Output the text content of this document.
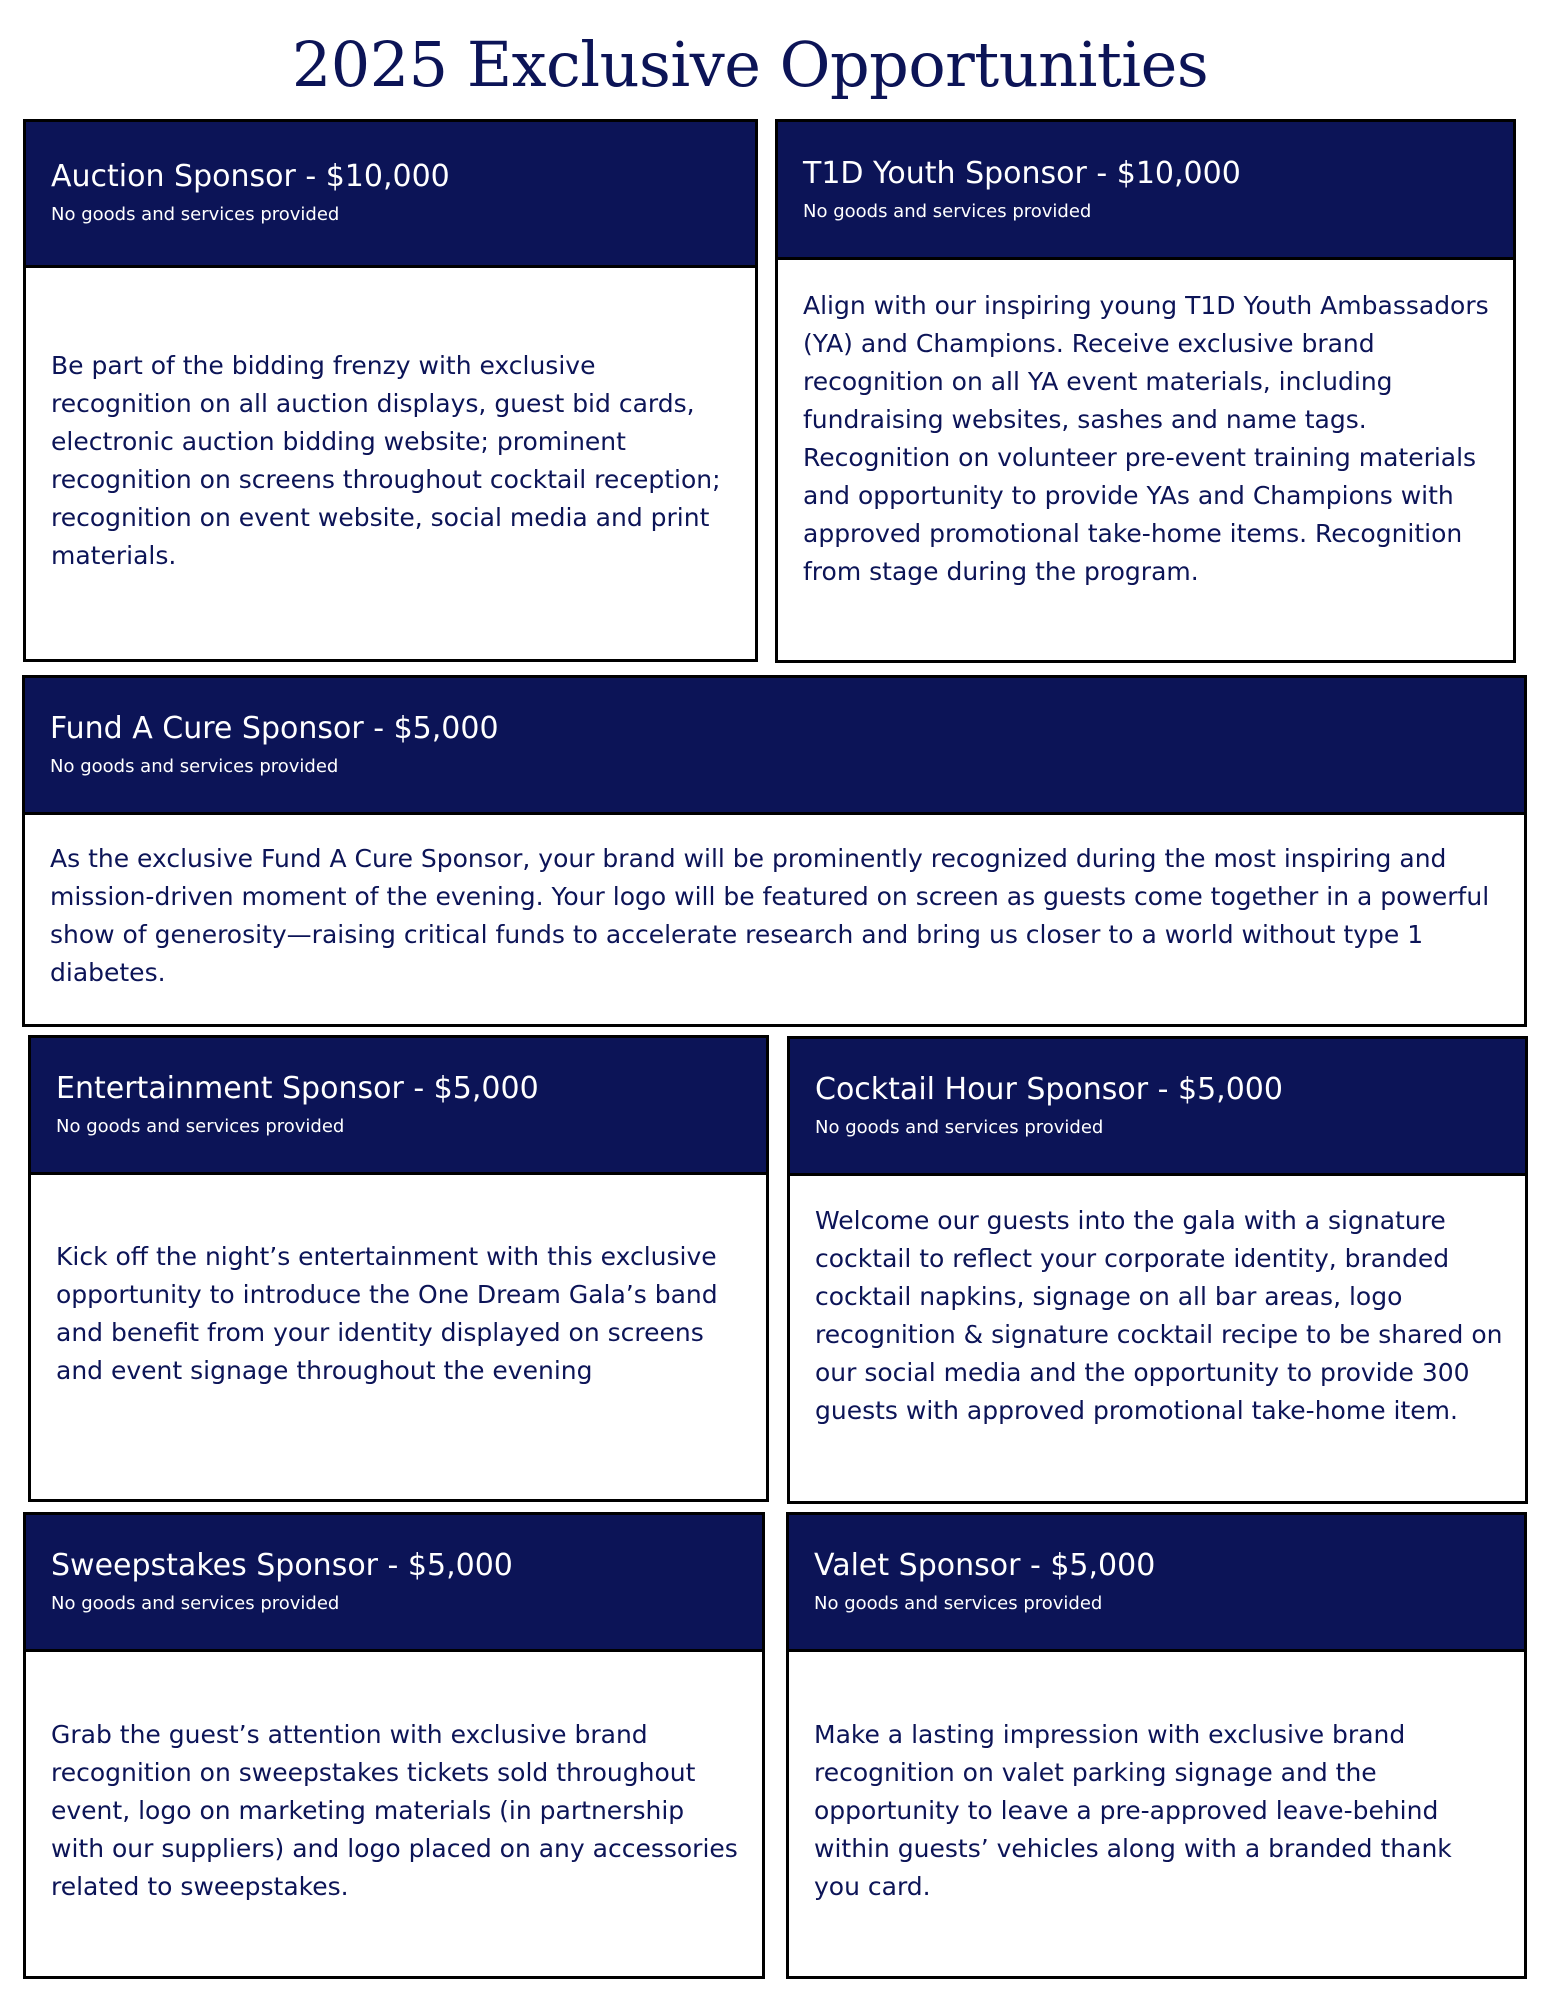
2025 Exclusive Opportunities
Auction Sponsor - $10,000
No goods and services provided
Be part of the bidding frenzy with exclusive recognition on all auction displays, guest bid cards, electronic auction bidding website; prominent recognition on screens throughout cocktail reception; recognition on event website, social media and print materials.
T1D Youth Sponsor - $10,000
No goods and services provided
Align with our inspiring young T1D Youth Ambassadors (YA) and Champions. Receive exclusive brand recognition on all YA event materials, including fundraising websites, sashes and name tags. Recognition on volunteer pre-event training materials and opportunity to provide YAs and Champions with approved promotional take-home items. Recognition from stage during the program.
Fund A Cure Sponsor - $5,000
No goods and services provided
As the exclusive Fund A Cure Sponsor, your brand will be prominently recognized during the most inspiring and mission-driven moment of the evening. Your logo will be featured on screen as guests come together in a powerful show of generosity—raising critical funds to accelerate research and bring us closer to a world without type 1 diabetes.
Entertainment Sponsor - $5,000
No goods and services provided
Kick off the night’s entertainment with this exclusive opportunity to introduce the One Dream Gala’s band and benefit from your identity displayed on screens and event signage throughout the evening
Cocktail Hour Sponsor - $5,000
No goods and services provided
Welcome our guests into the gala with a signature cocktail to reflect your corporate identity, branded cocktail napkins, signage on all bar areas, logo recognition & signature cocktail recipe to be shared on our social media and the opportunity to provide 300 guests with approved promotional take-home item.
Sweepstakes Sponsor - $5,000
No goods and services provided
Grab the guest’s attention with exclusive brand recognition on sweepstakes tickets sold throughout event, logo on marketing materials (in partnership with our suppliers) and logo placed on any accessories related to sweepstakes.
Valet Sponsor - $5,000
No goods and services provided
Make a lasting impression with exclusive brand recognition on valet parking signage and the opportunity to leave a pre-approved leave-behind within guests’ vehicles along with a branded thank you card.
